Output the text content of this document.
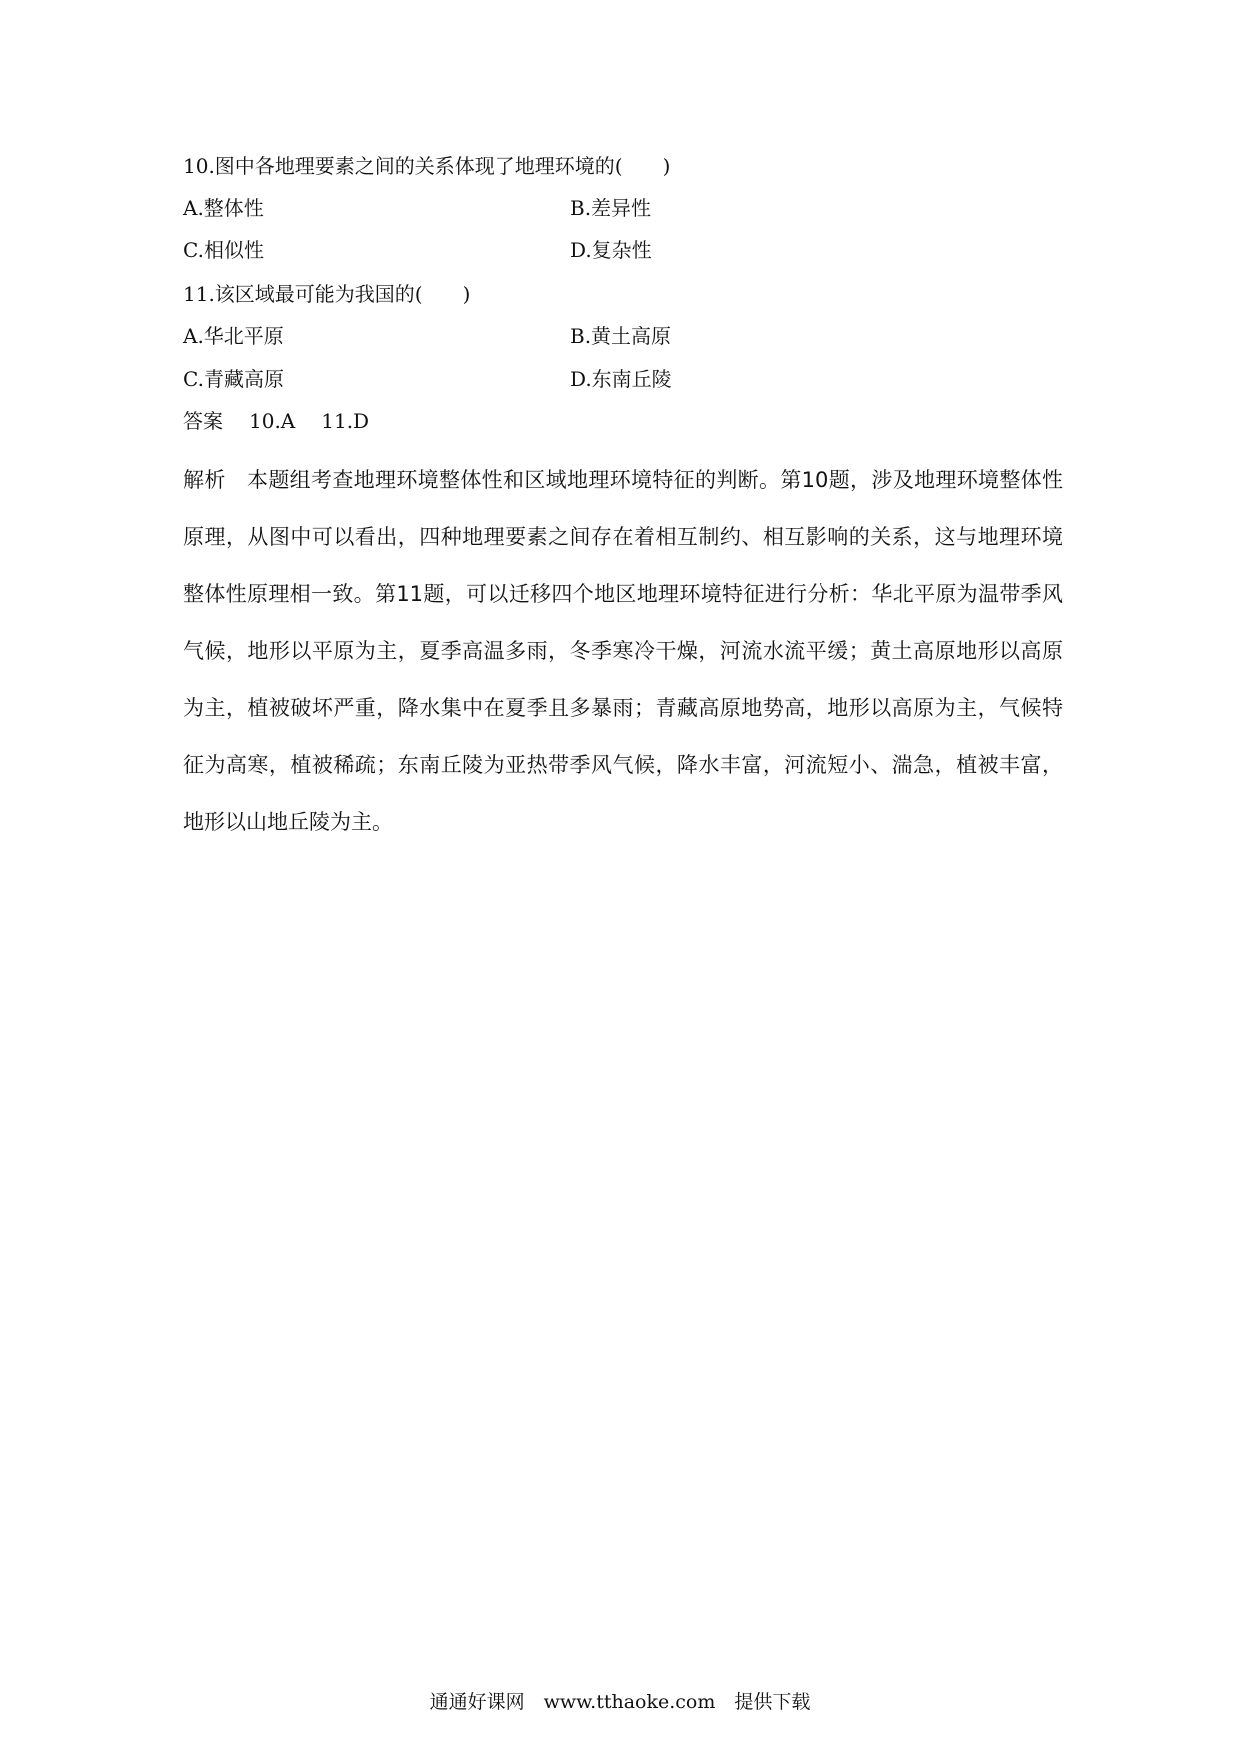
10.图中各地理要素之间的关系体现了地理环境的(　　)
A.整体性	B.差异性
C.相似性	D.复杂性
11.该区域最可能为我国的(　　)
A.华北平原	B.黄土高原
C.青藏高原	D.东南丘陵
答案 10.A 11.D
解析　 本题组考查地理环境整体性和区域地理环境特征的判断。第10题，涉及地理环境整体性原理，从图中可以看出，四种地理要素之间存在着相互制约、相互影响的关系，这与地理环境整体性原理相一致。第11题，可以迁移四个地区地理环境特征进行分析：华北平原为温带季风气候，地形以平原为主，夏季高温多雨，冬季寒冷干燥，河流水流平缓；黄土高原地形以高原为主，植被破坏严重，降水集中在夏季且多暴雨；青藏高原地势高，地形以高原为主，气候特征为高寒，植被稀疏；东南丘陵为亚热带季风气候，降水丰富，河流短小、湍急，植被丰富，地形以山地丘陵为主。
通通好课网　www.tthaoke.com　提供下载
